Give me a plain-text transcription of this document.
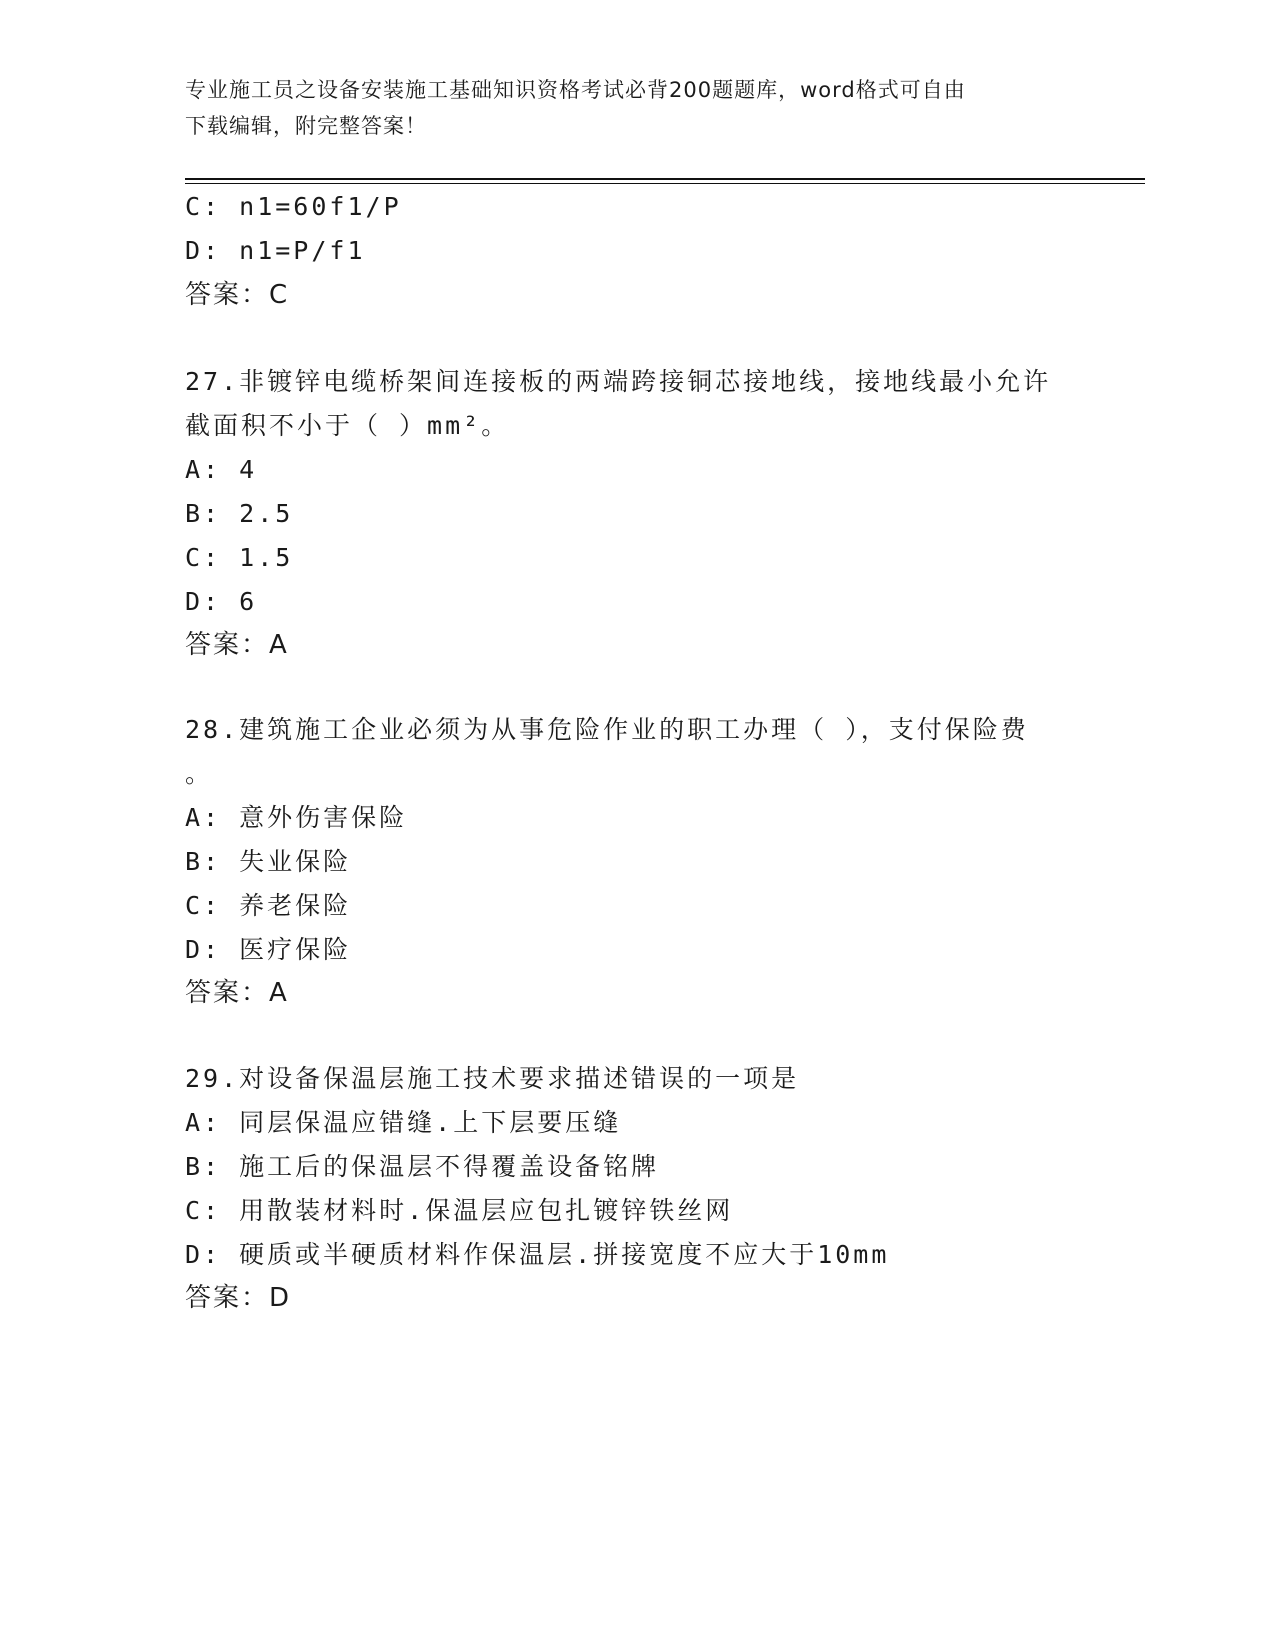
专业施工员之设备安装施工基础知识资格考试必背200题题库，word格式可自由
下载编辑，附完整答案！
C: n1=60f1/P
D: n1=P/f1
答案：C
27.非镀锌电缆桥架间连接板的两端跨接铜芯接地线，接地线最小允许
截面积不小于（ ）mm²。
A: 4
B: 2.5
C: 1.5
D: 6
答案：A
28.建筑施工企业必须为从事危险作业的职工办理（ ），支付保险费
。
A: 意外伤害保险
B: 失业保险
C: 养老保险
D: 医疗保险
答案：A
29.对设备保温层施工技术要求描述错误的一项是
A: 同层保温应错缝.上下层要压缝
B: 施工后的保温层不得覆盖设备铭牌
C: 用散装材料时.保温层应包扎镀锌铁丝网
D: 硬质或半硬质材料作保温层.拼接宽度不应大于10mm
答案：D
